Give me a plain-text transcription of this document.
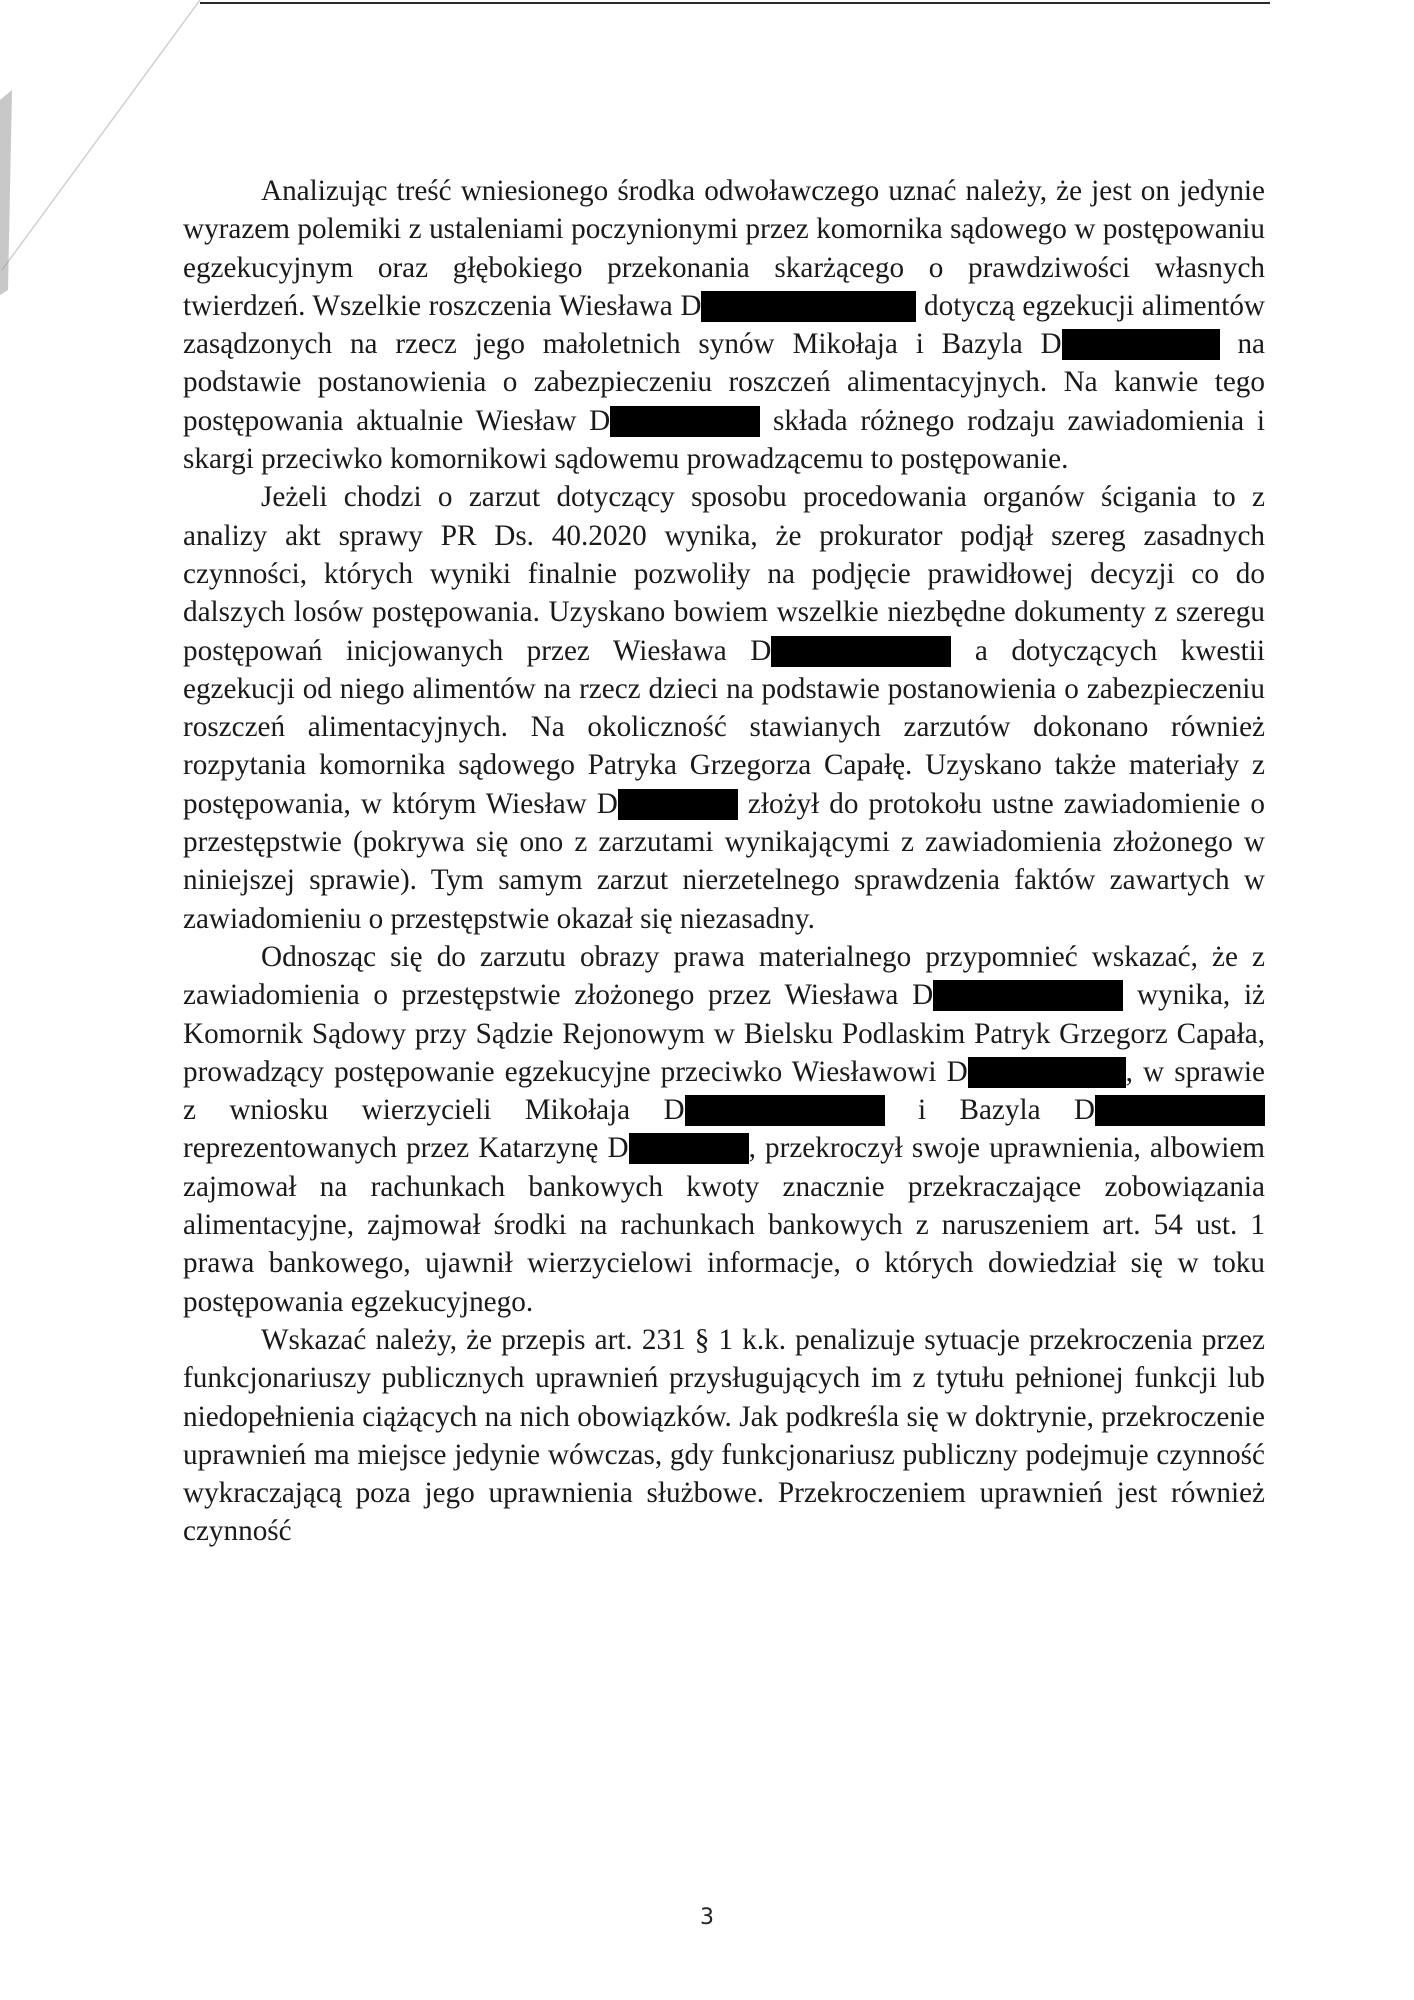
Analizując treść wniesionego środka odwoławczego uznać należy, że jest on jedynie wyrazem polemiki z ustaleniami poczynionymi przez komornika sądowego w postępowaniu egzekucyjnym oraz głębokiego przekonania skarżącego o prawdziwości własnych twierdzeń. Wszelkie roszczenia Wiesława D	dotyczą egzekucji alimentów zasądzonych na rzecz jego małoletnich synów Mikołaja i Bazyla D	na podstawie postanowienia o zabezpieczeniu roszczeń alimentacyjnych. Na kanwie tego postępowania aktualnie Wiesław D	składa różnego rodzaju zawiadomienia i skargi przeciwko komornikowi sądowemu prowadzącemu to postępowanie.

Jeżeli chodzi o zarzut dotyczący sposobu procedowania organów ścigania to z analizy akt sprawy PR Ds. 40.2020 wynika, że prokurator podjął szereg zasadnych czynności, których wyniki finalnie pozwoliły na podjęcie prawidłowej decyzji co do dalszych losów postępowania. Uzyskano bowiem wszelkie niezbędne dokumenty z szeregu postępowań inicjowanych przez Wiesława D	a dotyczących kwestii egzekucji od niego alimentów na rzecz dzieci na podstawie postanowienia o zabezpieczeniu roszczeń alimentacyjnych. Na okoliczność stawianych zarzutów dokonano również rozpytania komornika sądowego Patryka Grzegorza Capałę. Uzyskano także materiały z postępowania, w którym Wiesław D	złożył do protokołu ustne zawiadomienie o przestępstwie (pokrywa się ono z zarzutami wynikającymi z zawiadomienia złożonego w niniejszej sprawie). Tym samym zarzut nierzetelnego sprawdzenia faktów zawartych w zawiadomieniu o przestępstwie okazał się niezasadny.

Odnosząc się do zarzutu obrazy prawa materialnego przypomnieć wskazać, że z zawiadomienia o przestępstwie złożonego przez Wiesława D	wynika, iż Komornik Sądowy przy Sądzie Rejonowym w Bielsku Podlaskim Patryk Grzegorz Capała, prowadzący postępowanie egzekucyjne przeciwko Wiesławowi D	, w sprawie z wniosku wierzycieli Mikołaja D	i Bazyla D reprezentowanych przez Katarzynę D	, przekroczył swoje uprawnienia, albowiem zajmował na rachunkach bankowych kwoty znacznie przekraczające zobowiązania alimentacyjne, zajmował środki na rachunkach bankowych z naruszeniem art. 54 ust. 1 prawa bankowego, ujawnił wierzycielowi informacje, o których dowiedział się w toku postępowania egzekucyjnego.

Wskazać należy, że przepis art. 231 § 1 k.k. penalizuje sytuacje przekroczenia przez funkcjonariuszy publicznych uprawnień przysługujących im z tytułu pełnionej funkcji lub niedopełnienia ciążących na nich obowiązków. Jak podkreśla się w doktrynie, przekroczenie uprawnień ma miejsce jedynie wówczas, gdy funkcjonariusz publiczny podejmuje czynność wykraczającą poza jego uprawnienia służbowe. Przekroczeniem uprawnień jest również czynność

3
